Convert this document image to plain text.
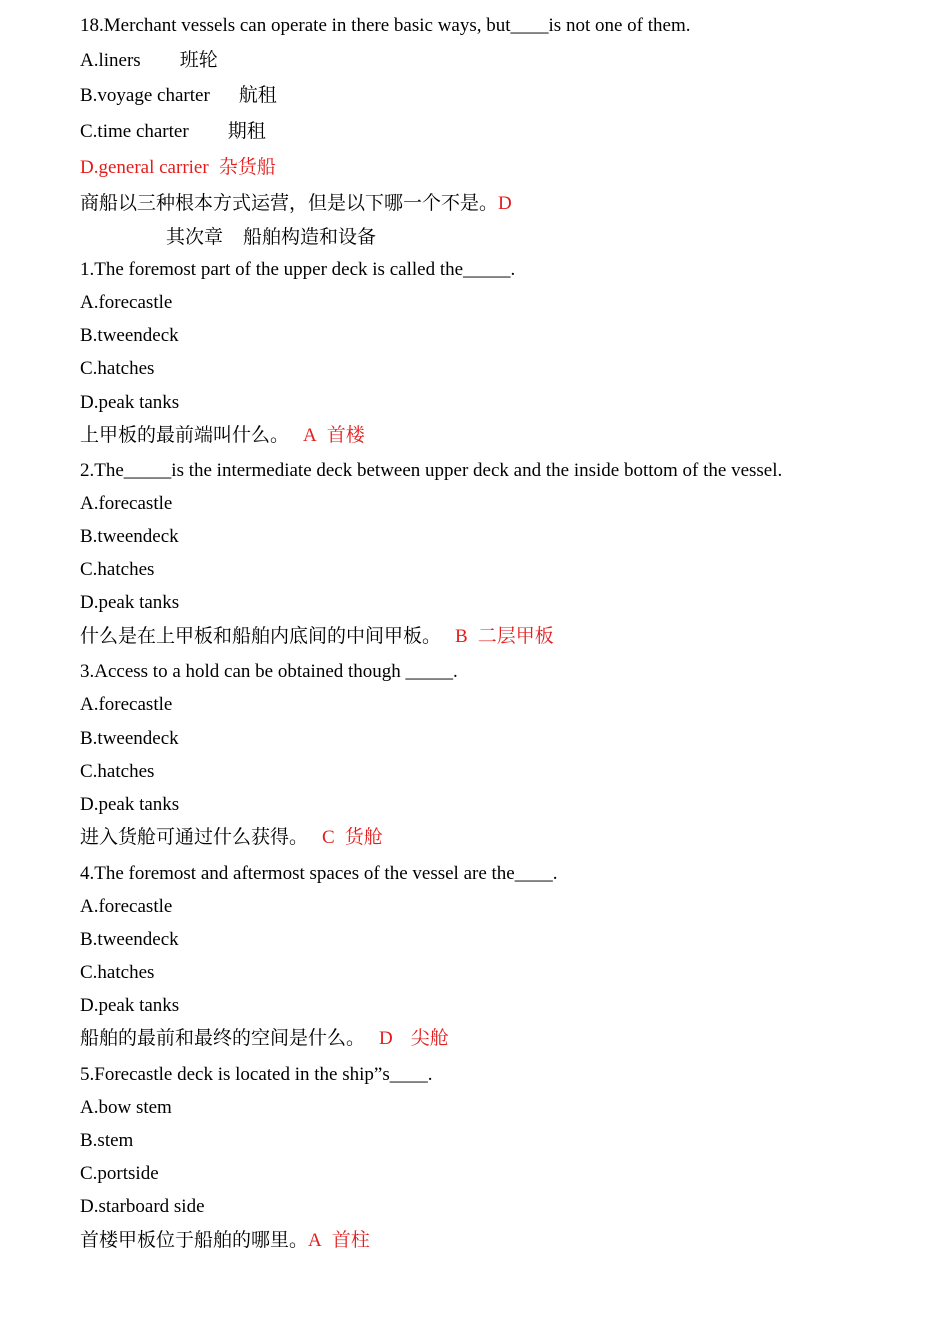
18.Merchant vessels can operate in there basic ways, but____is not one of them.
A.liners 班轮
B.voyage charter 航租
C.time charter 期租
D.general carrier 杂货船
商船以三种根本方式运营，但是以下哪一个不是。D
其次章 船舶构造和设备
1.The foremost part of the upper deck is called the_____.
A.forecastle
B.tweendeck
C.hatches
D.peak tanks
上甲板的最前端叫什么。 A 首楼
2.The_____is the intermediate deck between upper deck and the inside bottom of the vessel.
A.forecastle
B.tweendeck
C.hatches
D.peak tanks
什么是在上甲板和船舶内底间的中间甲板。 B 二层甲板
3.Access to a hold can be obtained though _____.
A.forecastle
B.tweendeck
C.hatches
D.peak tanks
进入货舱可通过什么获得。 C 货舱
4.The foremost and aftermost spaces of the vessel are the____.
A.forecastle
B.tweendeck
C.hatches
D.peak tanks
船舶的最前和最终的空间是什么。 D 尖舱
5.Forecastle deck is located in the ship”s____.
A.bow stem
B.stem
C.portside
D.starboard side
首楼甲板位于船舶的哪里。A 首柱
